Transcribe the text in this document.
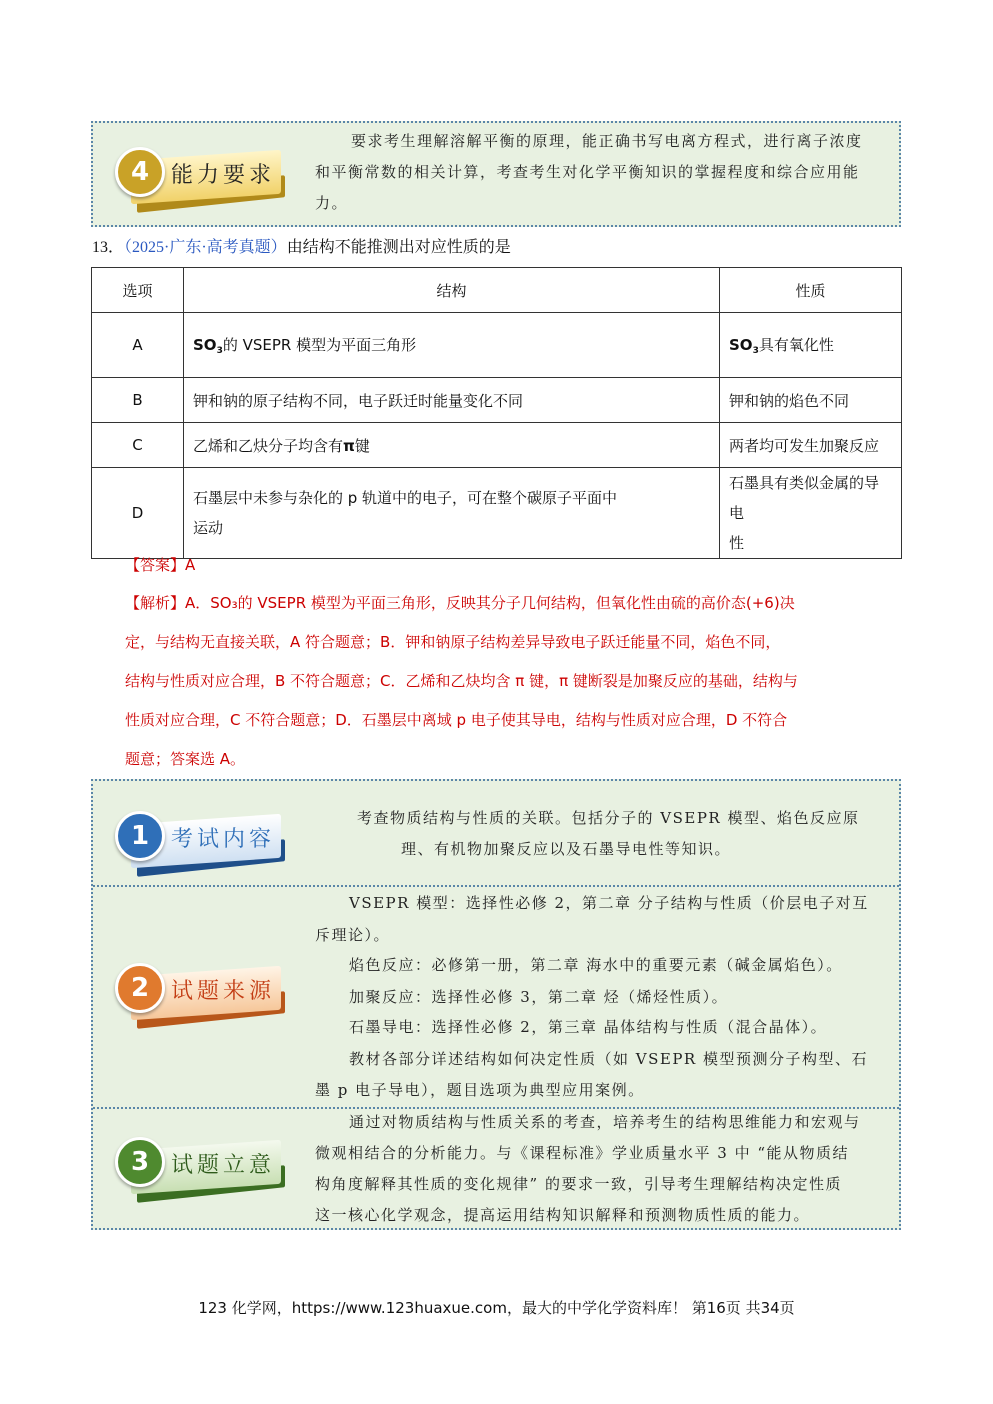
4 能力要求
要求考生理解溶解平衡的原理，能正确书写电离方程式，进行离子浓度
和平衡常数的相关计算，考查考生对化学平衡知识的掌握程度和综合应用能
力。
13．（2025·广东·高考真题）由结构不能推测出对应性质的是
选项	结构	性质
A	$SO_3$的 VSEPR 模型为平面三角形	$SO_3$具有氧化性
B	钾和钠的原子结构不同，电子跃迁时能量变化不同	钾和钠的焰色不同
C	乙烯和乙炔分子均含有π键	两者均可发生加聚反应
D	石墨层中未参与杂化的 p 轨道中的电子，可在整个碳原子平面中
运动	石墨具有类似金属的导电
性
【答案】A
【解析】A．SO₃的 VSEPR 模型为平面三角形，反映其分子几何结构，但氧化性由硫的高价态(+6)决
定，与结构无直接关联，A 符合题意；B．钾和钠原子结构差异导致电子跃迁能量不同，焰色不同，
结构与性质对应合理，B 不符合题意；C．乙烯和乙炔均含 π 键，π 键断裂是加聚反应的基础，结构与
性质对应合理，C 不符合题意；D．石墨层中离域 p 电子使其导电，结构与性质对应合理，D 不符合
题意；答案选 A。
1 考试内容
考查物质结构与性质的关联。包括分子的 VSEPR 模型、焰色反应原
理、有机物加聚反应以及石墨导电性等知识。
2 试题来源
VSEPR 模型：选择性必修 2，第二章 分子结构与性质（价层电子对互
斥理论）。
焰色反应：必修第一册，第二章 海水中的重要元素（碱金属焰色）。
加聚反应：选择性必修 3，第二章 烃（烯烃性质）。
石墨导电：选择性必修 2，第三章 晶体结构与性质（混合晶体）。
教材各部分详述结构如何决定性质（如 VSEPR 模型预测分子构型、石
墨 p 电子导电），题目选项为典型应用案例。
3 试题立意
通过对物质结构与性质关系的考查，培养考生的结构思维能力和宏观与
微观相结合的分析能力。与《课程标准》学业质量水平 3 中 “能从物质结
构角度解释其性质的变化规律” 的要求一致，引导考生理解结构决定性质
这一核心化学观念，提高运用结构知识解释和预测物质性质的能力。
123 化学网，https://www.123huaxue.com，最大的中学化学资料库！ 第16页 共34页
